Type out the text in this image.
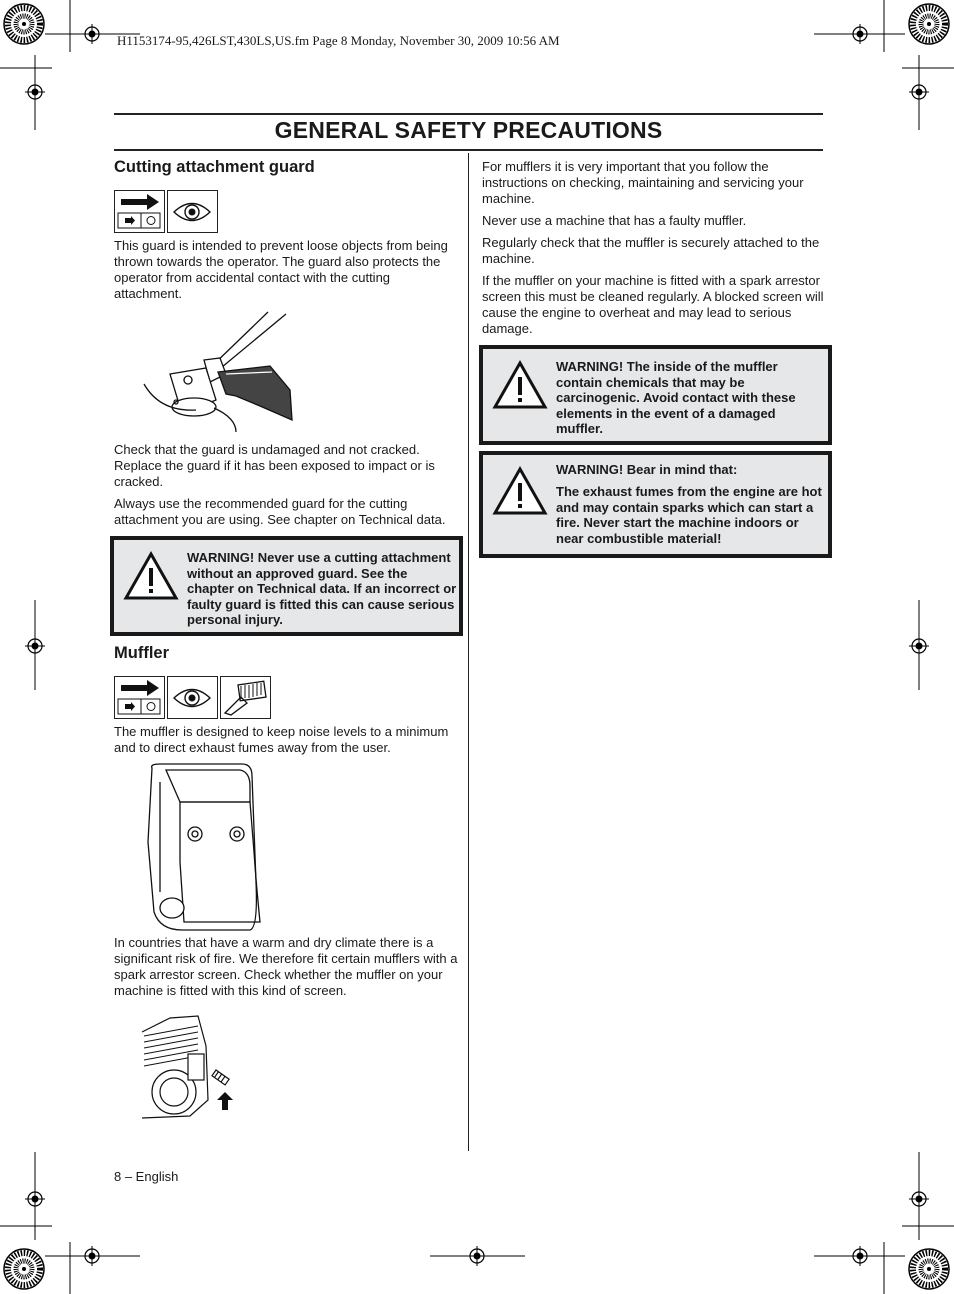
H1153174-95,426LST,430LS,US.fm Page 8 Monday, November 30, 2009 10:56 AM
GENERAL SAFETY PRECAUTIONS
Cutting attachment guard

This guard is intended to prevent loose objects from being thrown towards the operator. The guard also protects the operator from accidental contact with the cutting attachment.

Check that the guard is undamaged and not cracked. Replace the guard if it has been exposed to impact or is cracked.

Always use the recommended guard for the cutting attachment you are using. See chapter on Technical data.

WARNING! Never use a cutting attachment without an approved guard. See the chapter on Technical data. If an incorrect or faulty guard is fitted this can cause serious personal injury.
Muffler

The muffler is designed to keep noise levels to a minimum and to direct exhaust fumes away from the user.

In countries that have a warm and dry climate there is a significant risk of fire. We therefore fit certain mufflers with a spark arrestor screen. Check whether the muffler on your machine is fitted with this kind of screen.

8 – English

For mufflers it is very important that you follow the instructions on checking, maintaining and servicing your machine.

Never use a machine that has a faulty muffler.

Regularly check that the muffler is securely attached to the machine.

If the muffler on your machine is fitted with a spark arrestor screen this must be cleaned regularly. A blocked screen will cause the engine to overheat and may lead to serious damage.

WARNING! The inside of the muffler contain chemicals that may be carcinogenic. Avoid contact with these elements in the event of a damaged muffler.
WARNING! Bear in mind that:
The exhaust fumes from the engine are hot and may contain sparks which can start a fire. Never start the machine indoors or near combustible material!
